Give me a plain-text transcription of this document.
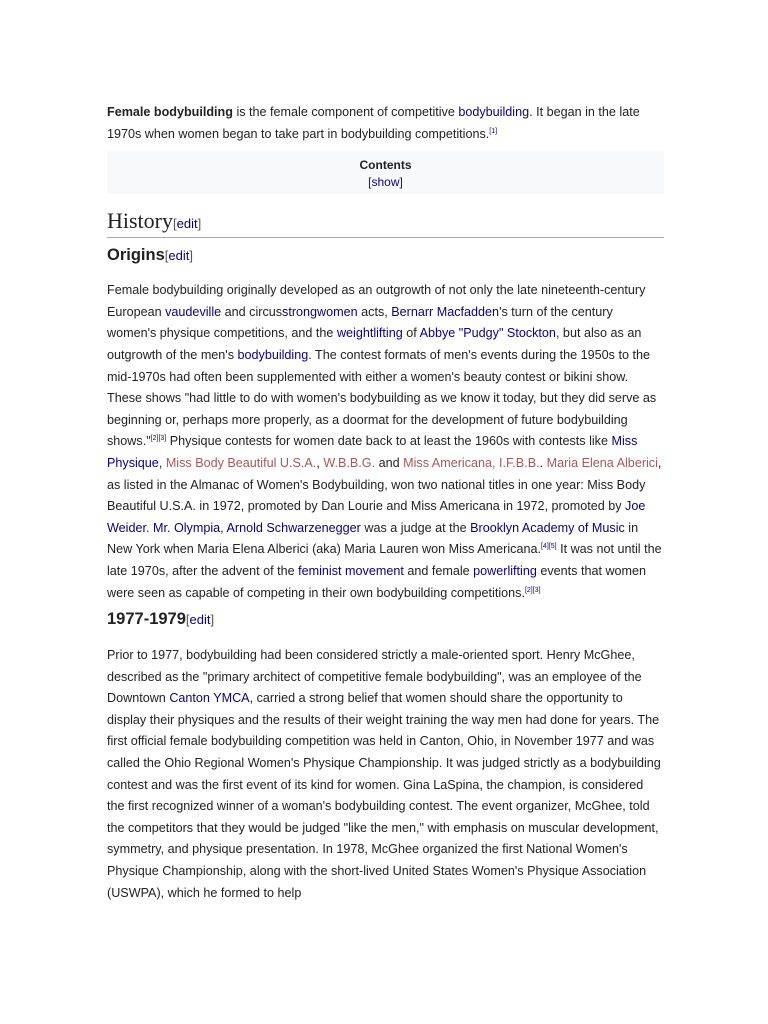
Female bodybuilding is the female component of competitive bodybuilding. It began in the late 1970s when women began to take part in bodybuilding competitions.[1]

Contents
[show]
History[edit]
Origins[edit]

Female bodybuilding originally developed as an outgrowth of not only the late nineteenth-century European vaudeville and circusstrongwomen acts, Bernarr Macfadden's turn of the century women's physique competitions, and the weightlifting of Abbye "Pudgy" Stockton, but also as an outgrowth of the men's bodybuilding. The contest formats of men's events during the 1950s to the mid-1970s had often been supplemented with either a women's beauty contest or bikini show. These shows "had little to do with women's bodybuilding as we know it today, but they did serve as beginning or, perhaps more properly, as a doormat for the development of future bodybuilding shows."[2][3] Physique contests for women date back to at least the 1960s with contests like Miss Physique, Miss Body Beautiful U.S.A., W.B.B.G. and Miss Americana, I.F.B.B.. Maria Elena Alberici, as listed in the Almanac of Women's Bodybuilding, won two national titles in one year: Miss Body Beautiful U.S.A. in 1972, promoted by Dan Lourie and Miss Americana in 1972, promoted by Joe Weider. Mr. Olympia, Arnold Schwarzenegger was a judge at the Brooklyn Academy of Music in New York when Maria Elena Alberici (aka) Maria Lauren won Miss Americana.[4][5] It was not until the late 1970s, after the advent of the feminist movement and female powerlifting events that women were seen as capable of competing in their own bodybuilding competitions.[2][3]

1977-1979[edit]

Prior to 1977, bodybuilding had been considered strictly a male-oriented sport. Henry McGhee, described as the "primary architect of competitive female bodybuilding", was an employee of the Downtown Canton YMCA, carried a strong belief that women should share the opportunity to display their physiques and the results of their weight training the way men had done for years. The first official female bodybuilding competition was held in Canton, Ohio, in November 1977 and was called the Ohio Regional Women's Physique Championship. It was judged strictly as a bodybuilding contest and was the first event of its kind for women. Gina LaSpina, the champion, is considered the first recognized winner of a woman's bodybuilding contest. The event organizer, McGhee, told the competitors that they would be judged "like the men," with emphasis on muscular development, symmetry, and physique presentation. In 1978, McGhee organized the first National Women's Physique Championship, along with the short-lived United States Women's Physique Association (USWPA), which he formed to help
